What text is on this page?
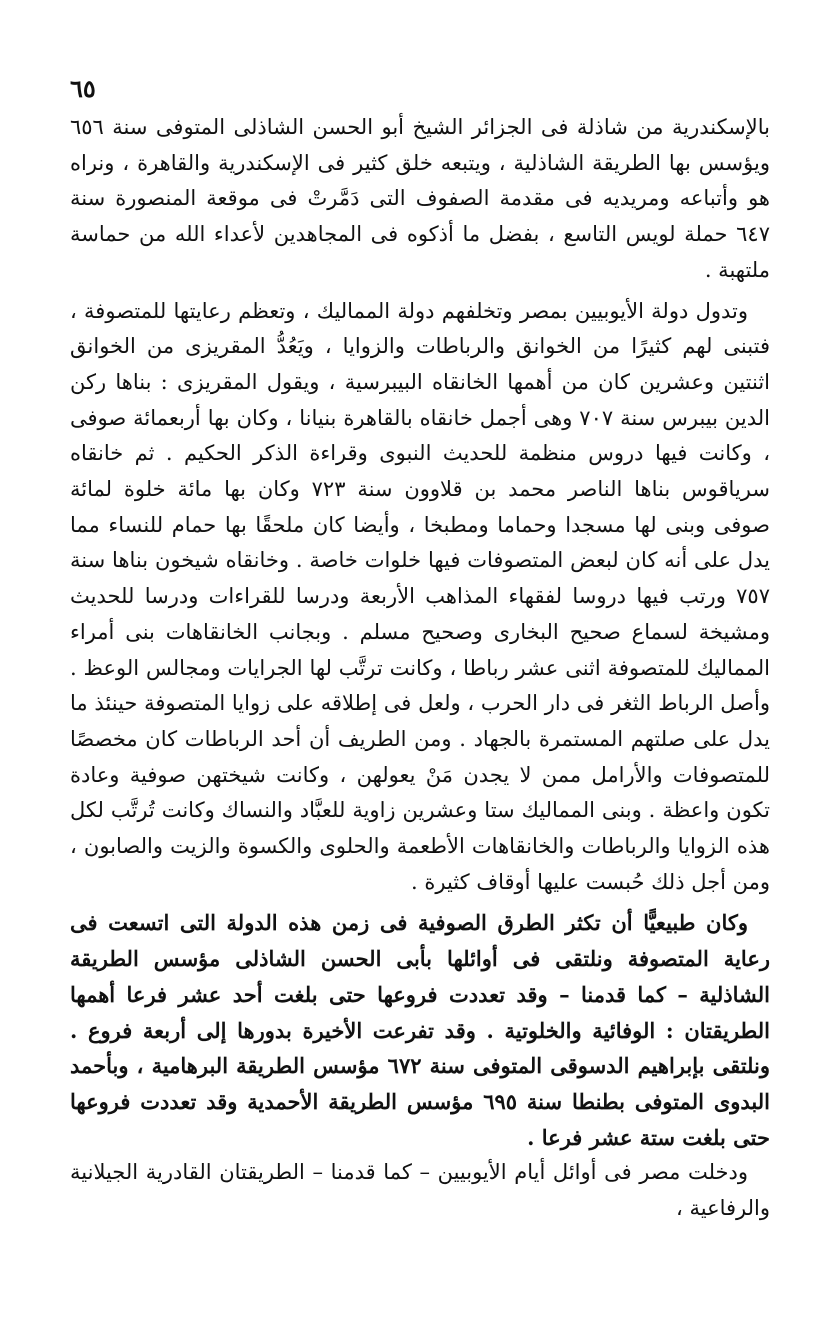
٦٥

بالإسكندرية من شاذلة فى الجزائر الشيخ أبو الحسن الشاذلى المتوفى سنة ٦٥٦ ويؤسس بها الطريقة الشاذلية ، ويتبعه خلق كثير فى الإسكندرية والقاهرة ، ونراه هو وأتباعه ومريديه فى مقدمة الصفوف التى دَمَّرتْ فى موقعة المنصورة سنة ٦٤٧ حملة لويس التاسع ، بفضل ما أذكوه فى المجاهدين لأعداء الله من حماسة ملتهبة .

وتدول دولة الأيوبيين بمصر وتخلفهم دولة المماليك ، وتعظم رعايتها للمتصوفة ، فتبنى لهم كثيرًا من الخوانق والرباطات والزوايا ، ويَعُدُّ المقريزى من الخوانق اثنتين وعشرين كان من أهمها الخانقاه البيبرسية ، ويقول المقريزى : بناها ركن الدين بيبرس سنة ٧٠٧ وهى أجمل خانقاه بالقاهرة بنيانا ، وكان بها أربعمائة صوفى ، وكانت فيها دروس منظمة للحديث النبوى وقراءة الذكر الحكيم . ثم خانقاه سرياقوس بناها الناصر محمد بن قلاوون سنة ٧٢٣ وكان بها مائة خلوة لمائة صوفى وبنى لها مسجدا وحماما ومطبخا ، وأيضا كان ملحقًا بها حمام للنساء مما يدل على أنه كان لبعض المتصوفات فيها خلوات خاصة . وخانقاه شيخون بناها سنة ٧٥٧ ورتب فيها دروسا لفقهاء المذاهب الأربعة ودرسا للقراءات ودرسا للحديث ومشيخة لسماع صحيح البخارى وصحيح مسلم . وبجانب الخانقاهات بنى أمراء المماليك للمتصوفة اثنى عشر رباطا ، وكانت ترتَّب لها الجرايات ومجالس الوعظ . وأصل الرباط الثغر فى دار الحرب ، ولعل فى إطلاقه على زوايا المتصوفة حينئذ ما يدل على صلتهم المستمرة بالجهاد . ومن الطريف أن أحد الرباطات كان مخصصًا للمتصوفات والأرامل ممن لا يجدن مَنْ يعولهن ، وكانت شيختهن صوفية وعادة تكون واعظة . وبنى المماليك ستا وعشرين زاوية للعبَّاد والنساك وكانت تُرتَّب لكل هذه الزوايا والرباطات والخانقاهات الأطعمة والحلوى والكسوة والزيت والصابون ، ومن أجل ذلك حُبست عليها أوقاف كثيرة .

وكان طبيعيًّا أن تكثر الطرق الصوفية فى زمن هذه الدولة التى اتسعت فى رعاية المتصوفة ونلتقى فى أوائلها بأبى الحسن الشاذلى مؤسس الطريقة الشاذلية – كما قدمنا – وقد تعددت فروعها حتى بلغت أحد عشر فرعا أهمها الطريقتان : الوفائية والخلوتية . وقد تفرعت الأخيرة بدورها إلى أربعة فروع . ونلتقى بإبراهيم الدسوقى المتوفى سنة ٦٧٢ مؤسس الطريقة البرهامية ، وبأحمد البدوى المتوفى بطنطا سنة ٦٩٥ مؤسس الطريقة الأحمدية وقد تعددت فروعها حتى بلغت ستة عشر فرعا .

ودخلت مصر فى أوائل أيام الأيوبيين – كما قدمنا – الطريقتان القادرية الجيلانية والرفاعية ،
